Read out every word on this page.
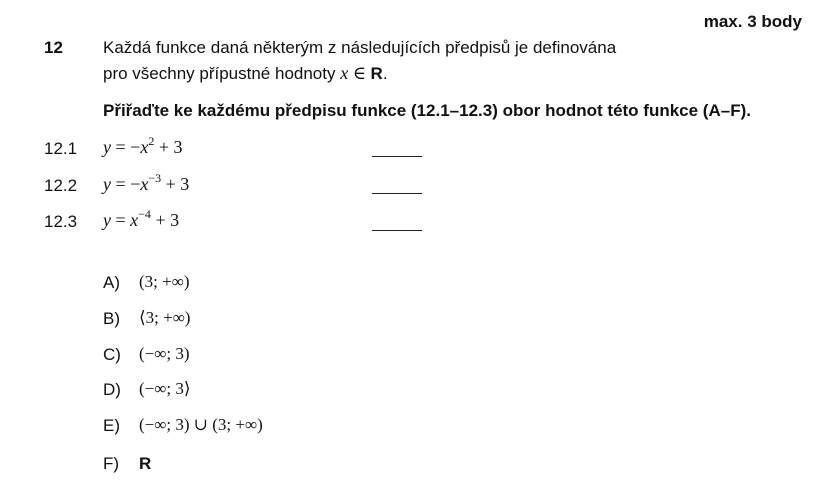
max. 3 body
12 Každá funkce daná některým z následujících předpisů je definována
pro všechny přípustné hodnoty x ∈ R.
Přiřaďte ke každému předpisu funkce (12.1–12.3) obor hodnot této funkce (A–F).
12.1 $y = -x^2 + 3$
12.2 $y = -x^{-3} + 3$
12.3 $y = x^{-4} + 3$
A) (3; +∞)
B) ⟨3; +∞)
C) (−∞; 3)
D) (−∞; 3⟩
E) (−∞; 3) ∪ (3; +∞)
F) R
